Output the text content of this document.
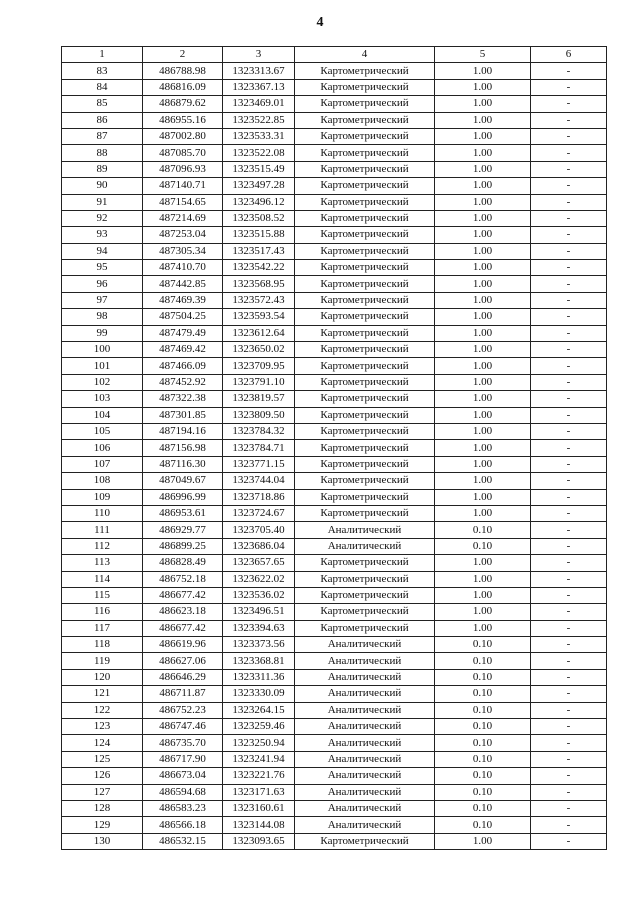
4
1	2	3	4	5	6
83	486788.98	1323313.67	Картометрический	1.00	-
84	486816.09	1323367.13	Картометрический	1.00	-
85	486879.62	1323469.01	Картометрический	1.00	-
86	486955.16	1323522.85	Картометрический	1.00	-
87	487002.80	1323533.31	Картометрический	1.00	-
88	487085.70	1323522.08	Картометрический	1.00	-
89	487096.93	1323515.49	Картометрический	1.00	-
90	487140.71	1323497.28	Картометрический	1.00	-
91	487154.65	1323496.12	Картометрический	1.00	-
92	487214.69	1323508.52	Картометрический	1.00	-
93	487253.04	1323515.88	Картометрический	1.00	-
94	487305.34	1323517.43	Картометрический	1.00	-
95	487410.70	1323542.22	Картометрический	1.00	-
96	487442.85	1323568.95	Картометрический	1.00	-
97	487469.39	1323572.43	Картометрический	1.00	-
98	487504.25	1323593.54	Картометрический	1.00	-
99	487479.49	1323612.64	Картометрический	1.00	-
100	487469.42	1323650.02	Картометрический	1.00	-
101	487466.09	1323709.95	Картометрический	1.00	-
102	487452.92	1323791.10	Картометрический	1.00	-
103	487322.38	1323819.57	Картометрический	1.00	-
104	487301.85	1323809.50	Картометрический	1.00	-
105	487194.16	1323784.32	Картометрический	1.00	-
106	487156.98	1323784.71	Картометрический	1.00	-
107	487116.30	1323771.15	Картометрический	1.00	-
108	487049.67	1323744.04	Картометрический	1.00	-
109	486996.99	1323718.86	Картометрический	1.00	-
110	486953.61	1323724.67	Картометрический	1.00	-
111	486929.77	1323705.40	Аналитический	0.10	-
112	486899.25	1323686.04	Аналитический	0.10	-
113	486828.49	1323657.65	Картометрический	1.00	-
114	486752.18	1323622.02	Картометрический	1.00	-
115	486677.42	1323536.02	Картометрический	1.00	-
116	486623.18	1323496.51	Картометрический	1.00	-
117	486677.42	1323394.63	Картометрический	1.00	-
118	486619.96	1323373.56	Аналитический	0.10	-
119	486627.06	1323368.81	Аналитический	0.10	-
120	486646.29	1323311.36	Аналитический	0.10	-
121	486711.87	1323330.09	Аналитический	0.10	-
122	486752.23	1323264.15	Аналитический	0.10	-
123	486747.46	1323259.46	Аналитический	0.10	-
124	486735.70	1323250.94	Аналитический	0.10	-
125	486717.90	1323241.94	Аналитический	0.10	-
126	486673.04	1323221.76	Аналитический	0.10	-
127	486594.68	1323171.63	Аналитический	0.10	-
128	486583.23	1323160.61	Аналитический	0.10	-
129	486566.18	1323144.08	Аналитический	0.10	-
130	486532.15	1323093.65	Картометрический	1.00	-
